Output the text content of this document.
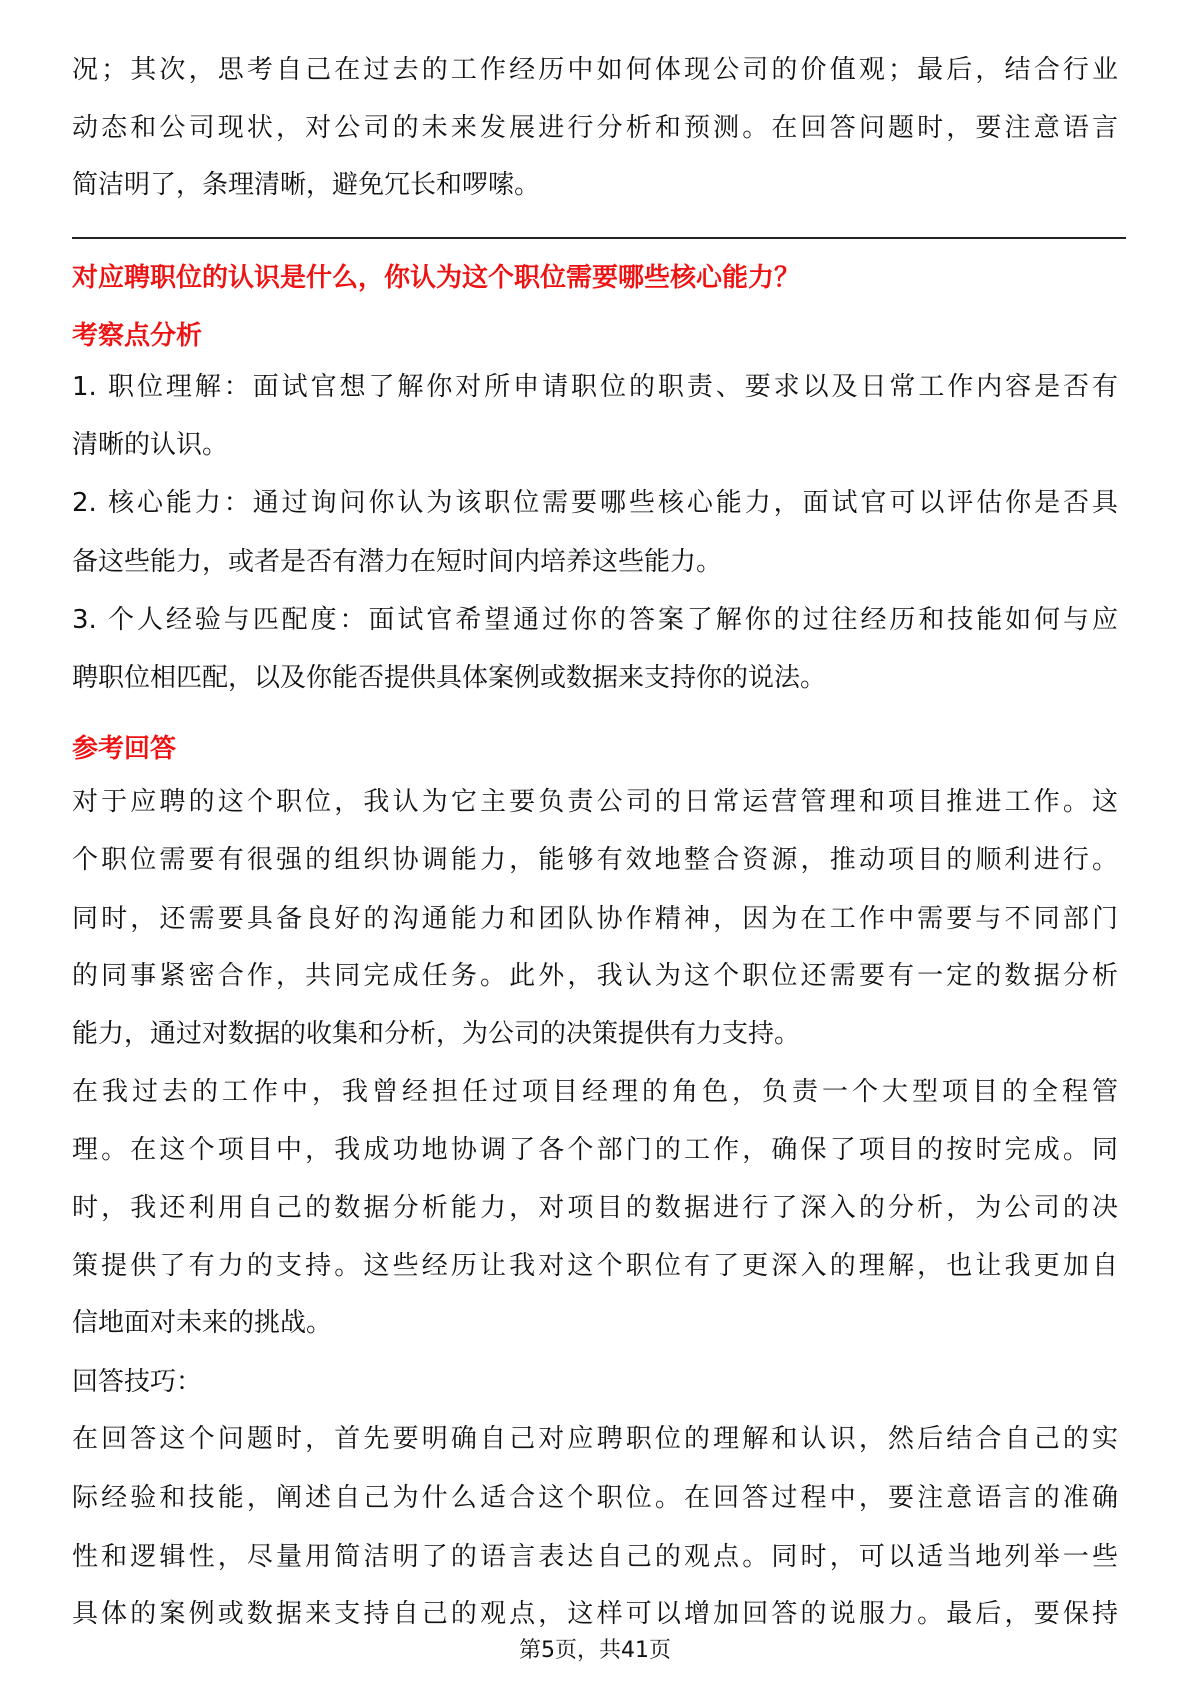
况；其次，思考自己在过去的工作经历中如何体现公司的价值观；最后，结合行业
动态和公司现状，对公司的未来发展进行分析和预测。在回答问题时，要注意语言
简洁明了，条理清晰，避免冗长和啰嗦。
对应聘职位的认识是什么，你认为这个职位需要哪些核心能力？
考察点分析
1. 职位理解：面试官想了解你对所申请职位的职责、要求以及日常工作内容是否有
清晰的认识。
2. 核心能力：通过询问你认为该职位需要哪些核心能力，面试官可以评估你是否具
备这些能力，或者是否有潜力在短时间内培养这些能力。
3. 个人经验与匹配度：面试官希望通过你的答案了解你的过往经历和技能如何与应
聘职位相匹配，以及你能否提供具体案例或数据来支持你的说法。
参考回答
对于应聘的这个职位，我认为它主要负责公司的日常运营管理和项目推进工作。这
个职位需要有很强的组织协调能力，能够有效地整合资源，推动项目的顺利进行。
同时，还需要具备良好的沟通能力和团队协作精神，因为在工作中需要与不同部门
的同事紧密合作，共同完成任务。此外，我认为这个职位还需要有一定的数据分析
能力，通过对数据的收集和分析，为公司的决策提供有力支持。
在我过去的工作中，我曾经担任过项目经理的角色，负责一个大型项目的全程管
理。在这个项目中，我成功地协调了各个部门的工作，确保了项目的按时完成。同
时，我还利用自己的数据分析能力，对项目的数据进行了深入的分析，为公司的决
策提供了有力的支持。这些经历让我对这个职位有了更深入的理解，也让我更加自
信地面对未来的挑战。
回答技巧：
在回答这个问题时，首先要明确自己对应聘职位的理解和认识，然后结合自己的实
际经验和技能，阐述自己为什么适合这个职位。在回答过程中，要注意语言的准确
性和逻辑性，尽量用简洁明了的语言表达自己的观点。同时，可以适当地列举一些
具体的案例或数据来支持自己的观点，这样可以增加回答的说服力。最后，要保持
第5页，共41页
